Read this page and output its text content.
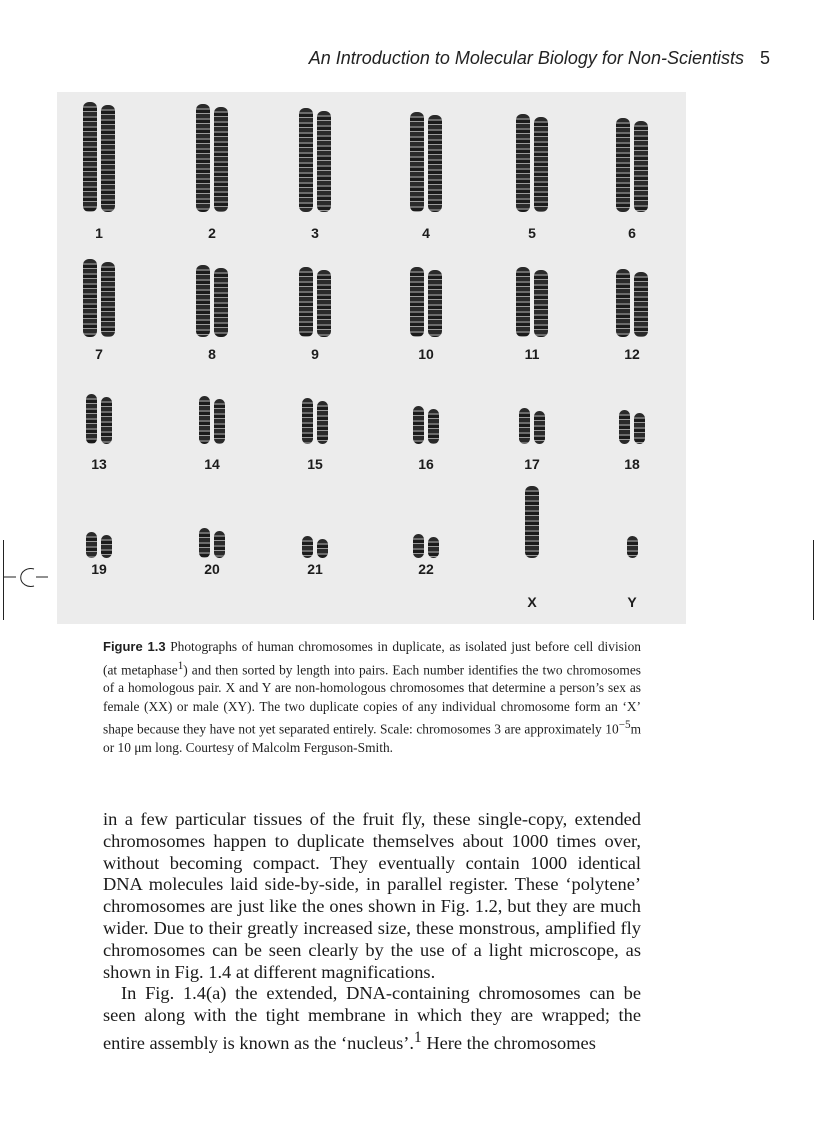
An Introduction to Molecular Biology for Non-Scientists 5
1	2	3	4	5	6
7	8	9	10	11	12
13	14	15	16	17	18
19	20	21	22
X	Y
Figure 1.3 Photographs of human chromosomes in duplicate, as isolated just before cell division (at metaphase$^1$) and then sorted by length into pairs. Each number identifies the two chromosomes of a homologous pair. X and Y are non-homologous chromosomes that determine a person’s sex as female (XX) or male (XY). The two duplicate copies of any individual chromosome form an ‘X’ shape because they have not yet separated entirely. Scale: chromosomes 3 are approximately $10^{-5}m$ or 10 μm long. Courtesy of Malcolm Ferguson-Smith.

in a few particular tissues of the fruit fly, these single-copy, extended chromosomes happen to duplicate themselves about 1000 times over, without becoming compact. They eventually contain 1000 identical DNA molecules laid side-by-side, in parallel register. These ‘polytene’ chromosomes are just like the ones shown in Fig. 1.2, but they are much wider. Due to their greatly increased size, these monstrous, amplified fly chromosomes can be seen clearly by the use of a light microscope, as shown in Fig. 1.4 at different magnifications.

In Fig. 1.4(a) the extended, DNA-containing chromosomes can be seen along with the tight membrane in which they are wrapped; the entire assembly is known as the ‘nucleus’.$^1$ Here the chromosomes
